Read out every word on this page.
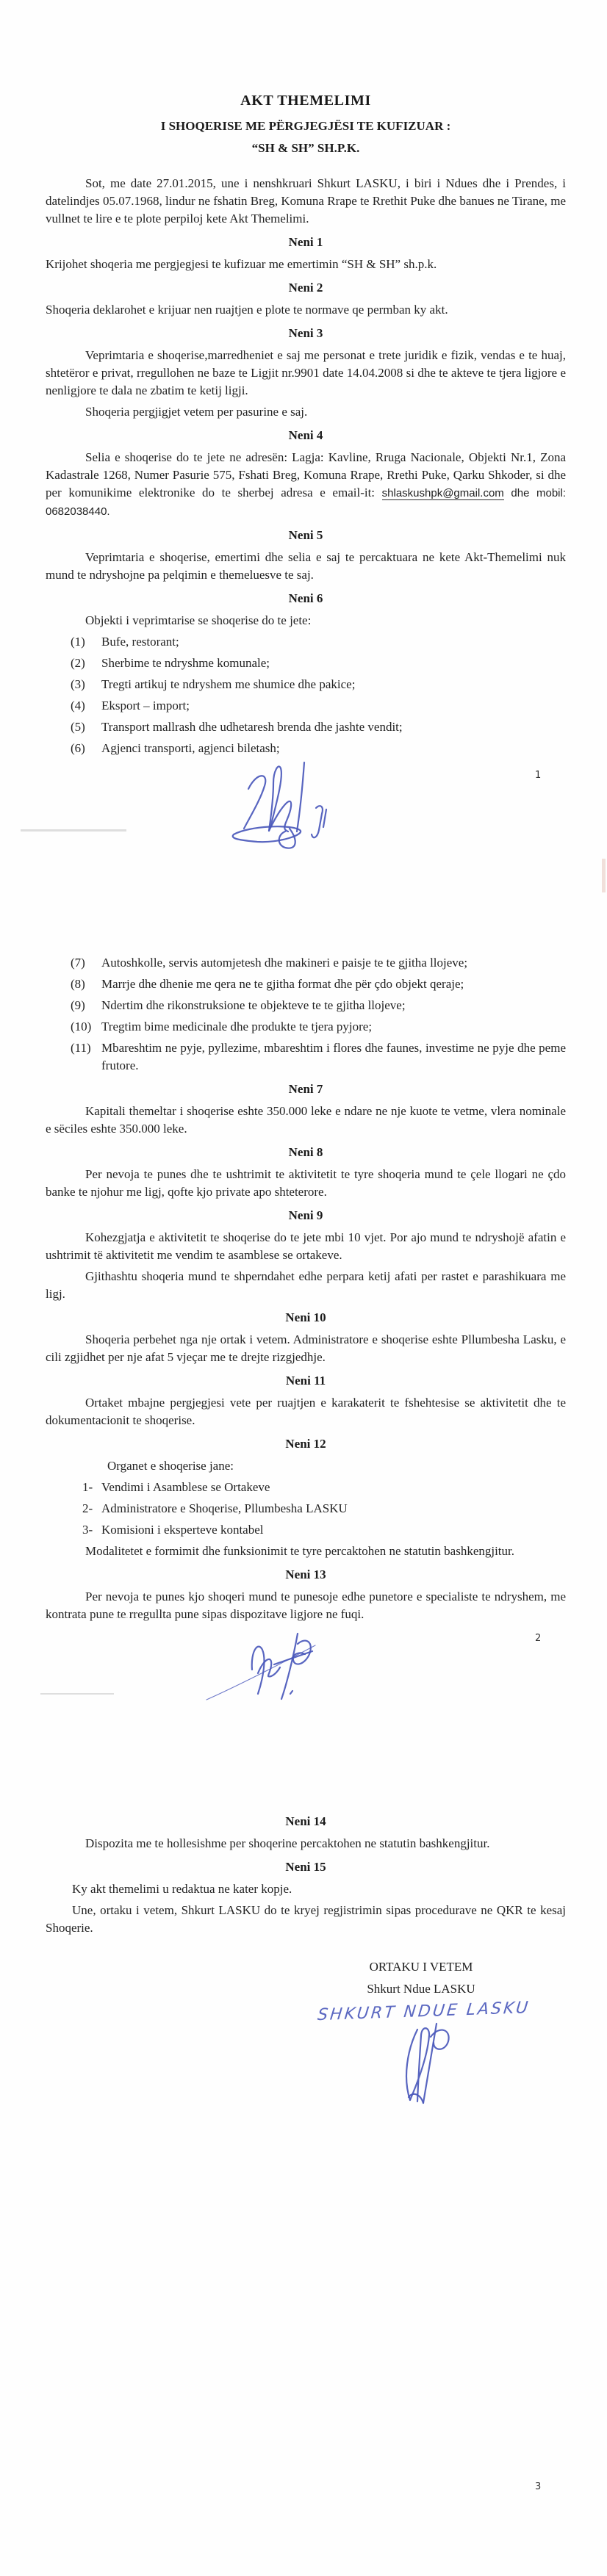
AKT THEMELIMI
I SHOQERISE ME PËRGJEGJËSI TE KUFIZUAR :
“SH & SH” SH.P.K.

Sot, me date 27.01.2015, une i nenshkruari Shkurt LASKU, i biri i Ndues dhe i Prendes, i datelindjes 05.07.1968, lindur ne fshatin Breg, Komuna Rrape te Rrethit Puke dhe banues ne Tirane, me vullnet te lire e te plote perpiloj kete Akt Themelimi.

Neni 1

Krijohet shoqeria me pergjegjesi te kufizuar me emertimin “SH & SH” sh.p.k.

Neni 2

Shoqeria deklarohet e krijuar nen ruajtjen e plote te normave qe permban ky akt.

Neni 3

Veprimtaria e shoqerise,marredheniet e saj me personat e trete juridik e fizik, vendas e te huaj, shtetëror e privat, rregullohen ne baze te Ligjit nr.9901 date 14.04.2008 si dhe te akteve te tjera ligjore e nenligjore te dala ne zbatim te ketij ligji.

Shoqeria pergjigjet vetem per pasurine e saj.

Neni 4

Selia e shoqerise do te jete ne adresën: Lagja: Kavline, Rruga Nacionale, Objekti Nr.1, Zona Kadastrale 1268, Numer Pasurie 575, Fshati Breg, Komuna Rrape, Rrethi Puke, Qarku Shkoder, si dhe per komunikime elektronike do te sherbej adresa e email-it: shlaskushpk@gmail.com dhe mobil: 0682038440.

Neni 5

Veprimtaria e shoqerise, emertimi dhe selia e saj te percaktuara ne kete Akt-Themelimi nuk mund te ndryshojne pa pelqimin e themeluesve te saj.

Neni 6

Objekti i veprimtarise se shoqerise do te jete:

(1)	Bufe, restorant;
(2)	Sherbime te ndryshme komunale;
(3)	Tregti artikuj te ndryshem me shumice dhe pakice;
(4)	Eksport – import;
(5)	Transport mallrash dhe udhetaresh brenda dhe jashte vendit;
(6)	Agjenci transporti, agjenci biletash;
1
(7)	Autoshkolle, servis automjetesh dhe makineri e paisje te te gjitha llojeve;
(8)	Marrje dhe dhenie me qera ne te gjitha format dhe për çdo objekt qeraje;
(9)	Ndertim dhe rikonstruksione te objekteve te te gjitha llojeve;
(10) Tregtim bime medicinale dhe produkte te tjera pyjore;
(11) Mbareshtim ne pyje, pyllezime, mbareshtim i flores dhe faunes, investime ne pyje dhe peme frutore.
Neni 7

Kapitali themeltar i shoqerise eshte 350.000 leke e ndare ne nje kuote te vetme, vlera nominale e sëciles eshte 350.000 leke.

Neni 8

Per nevoja te punes dhe te ushtrimit te aktivitetit te tyre shoqeria mund te çele llogari ne çdo banke te njohur me ligj, qofte kjo private apo shteterore.

Neni 9

Kohezgjatja e aktivitetit te shoqerise do te jete mbi 10 vjet. Por ajo mund te ndryshojë afatin e ushtrimit të aktivitetit me vendim te asamblese se ortakeve.

Gjithashtu shoqeria mund te shperndahet edhe perpara ketij afati per rastet e parashikuara me ligj.

Neni 10

Shoqeria perbehet nga nje ortak i vetem. Administratore e shoqerise eshte Pllumbesha Lasku, e cili zgjidhet per nje afat 5 vjeçar me te drejte rizgjedhje.

Neni 11

Ortaket mbajne pergjegjesi vete per ruajtjen e karakaterit te fshehtesise se aktivitetit dhe te dokumentacionit te shoqerise.

Neni 12

Organet e shoqerise jane:

1- Vendimi i Asamblese se Ortakeve
2- Administratore e Shoqerise, Pllumbesha LASKU
3- Komisioni i eksperteve kontabel

Modalitetet e formimit dhe funksionimit te tyre percaktohen ne statutin bashkengjitur.

Neni 13

Per nevoja te punes kjo shoqeri mund te punesoje edhe punetore e specialiste te ndryshem, me kontrata pune te rregullta pune sipas dispozitave ligjore ne fuqi.

2
Neni 14

Dispozita me te hollesishme per shoqerine percaktohen ne statutin bashkengjitur.

Neni 15

Ky akt themelimi u redaktua ne kater kopje.

Une, ortaku i vetem, Shkurt LASKU do te kryej regjistrimin sipas procedurave ne QKR te kesaj Shoqerie.

ORTAKU I VETEM
Shkurt Ndue LASKU
SHKURT NDUE LASKU
3
